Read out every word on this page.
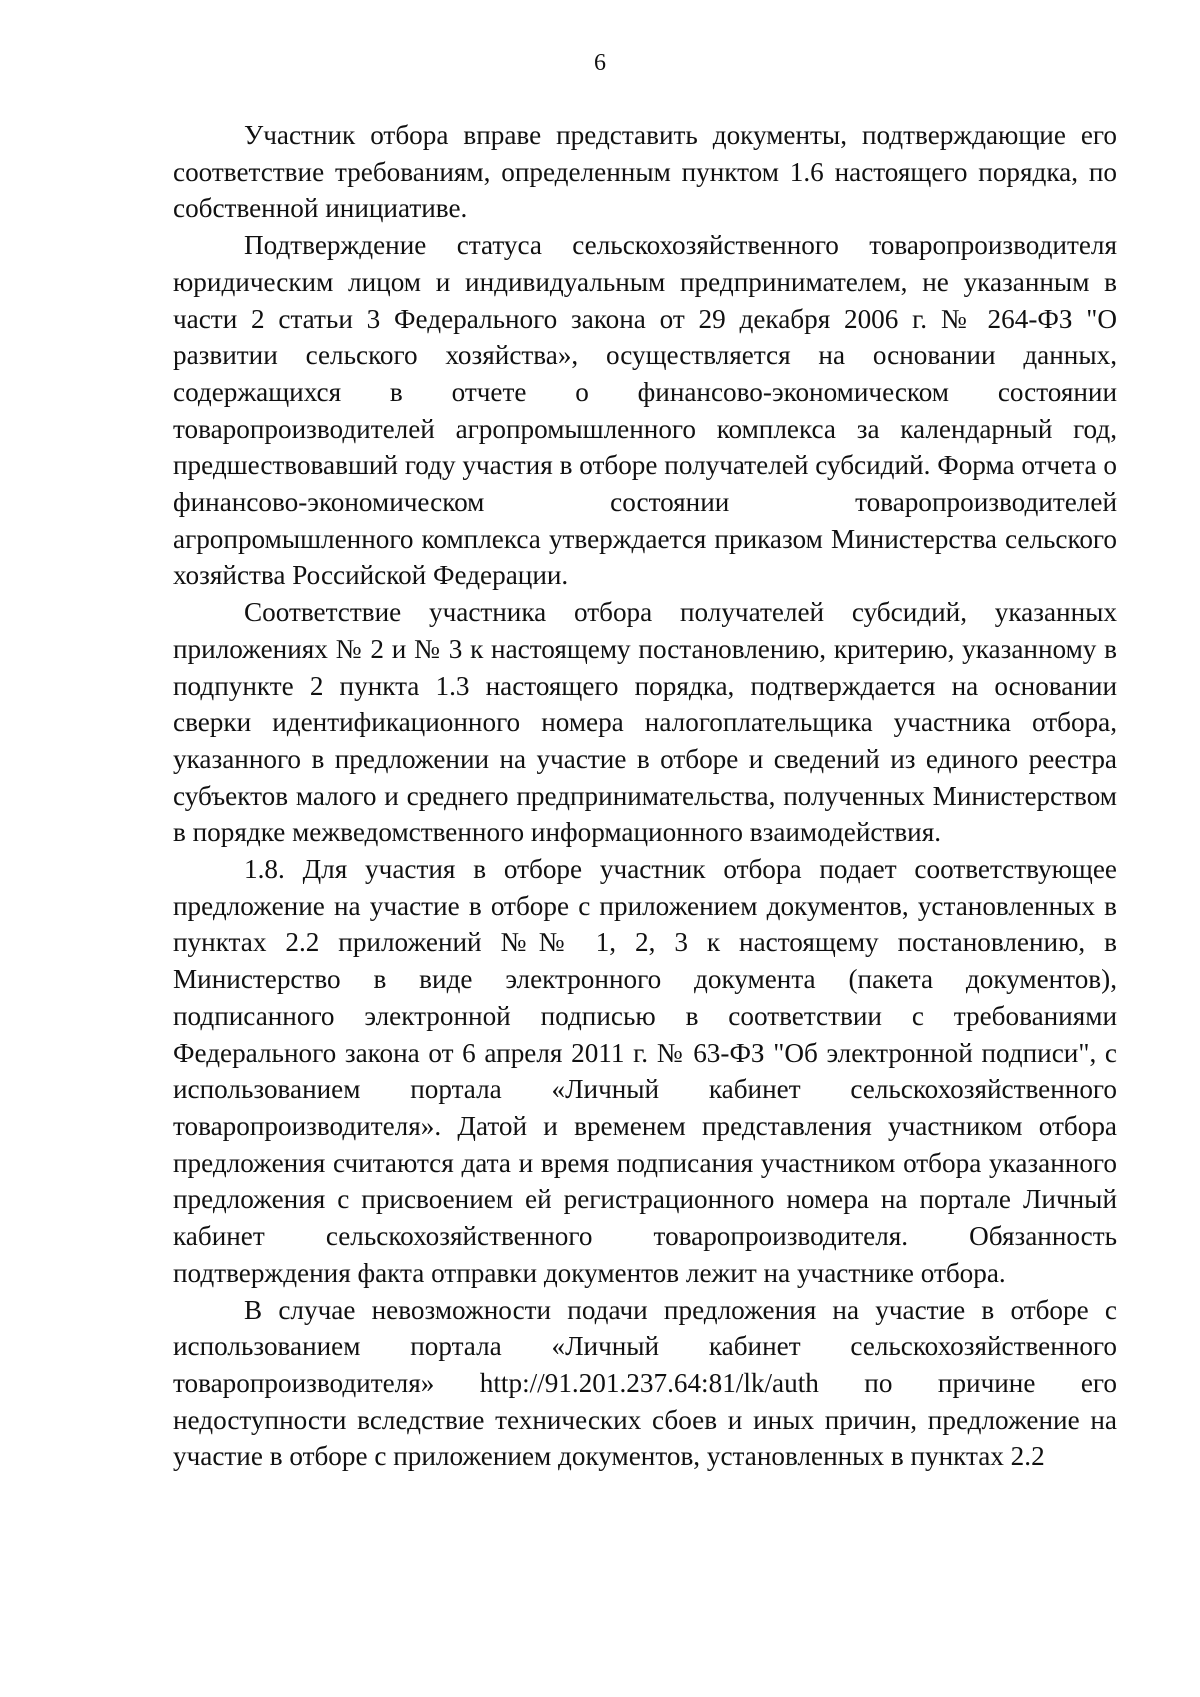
6

Участник отбора вправе представить документы, подтверждающие его соответствие требованиям, определенным пунктом 1.6 настоящего порядка, по собственной инициативе.

Подтверждение статуса сельскохозяйственного товаропроизводителя юридическим лицом и индивидуальным предпринимателем, не указанным в части 2 статьи 3 Федерального закона от 29 декабря 2006 г. № 264-ФЗ "О развитии сельского хозяйства», осуществляется на основании данных, содержащихся в отчете о финансово-экономическом состоянии товаропроизводителей агропромышленного комплекса за календарный год, предшествовавший году участия в отборе получателей субсидий. Форма отчета о финансово-экономическом состоянии товаропроизводителей агропромышленного комплекса утверждается приказом Министерства сельского хозяйства Российской Федерации.

Соответствие участника отбора получателей субсидий, указанных приложениях № 2 и № 3 к настоящему постановлению, критерию, указанному в подпункте 2 пункта 1.3 настоящего порядка, подтверждается на основании сверки идентификационного номера налогоплательщика участника отбора, указанного в предложении на участие в отборе и сведений из единого реестра субъектов малого и среднего предпринимательства, полученных Министерством в порядке межведомственного информационного взаимодействия.

1.8. Для участия в отборе участник отбора подает соответствующее предложение на участие в отборе с приложением документов, установленных в пунктах 2.2 приложений №№ 1, 2, 3 к настоящему постановлению, в Министерство в виде электронного документа (пакета документов), подписанного электронной подписью в соответствии с требованиями Федерального закона от 6 апреля 2011 г. № 63-ФЗ "Об электронной подписи", с использованием портала «Личный кабинет сельскохозяйственного товаропроизводителя». Датой и временем представления участником отбора предложения считаются дата и время подписания участником отбора указанного предложения с присвоением ей регистрационного номера на портале Личный кабинет сельскохозяйственного товаропроизводителя. Обязанность подтверждения факта отправки документов лежит на участнике отбора.

В случае невозможности подачи предложения на участие в отборе с использованием портала «Личный кабинет сельскохозяйственного товаропроизводителя» http://91.201.237.64:81/lk/auth по причине его недоступности вследствие технических сбоев и иных причин, предложение на участие в отборе с приложением документов, установленных в пунктах 2.2
